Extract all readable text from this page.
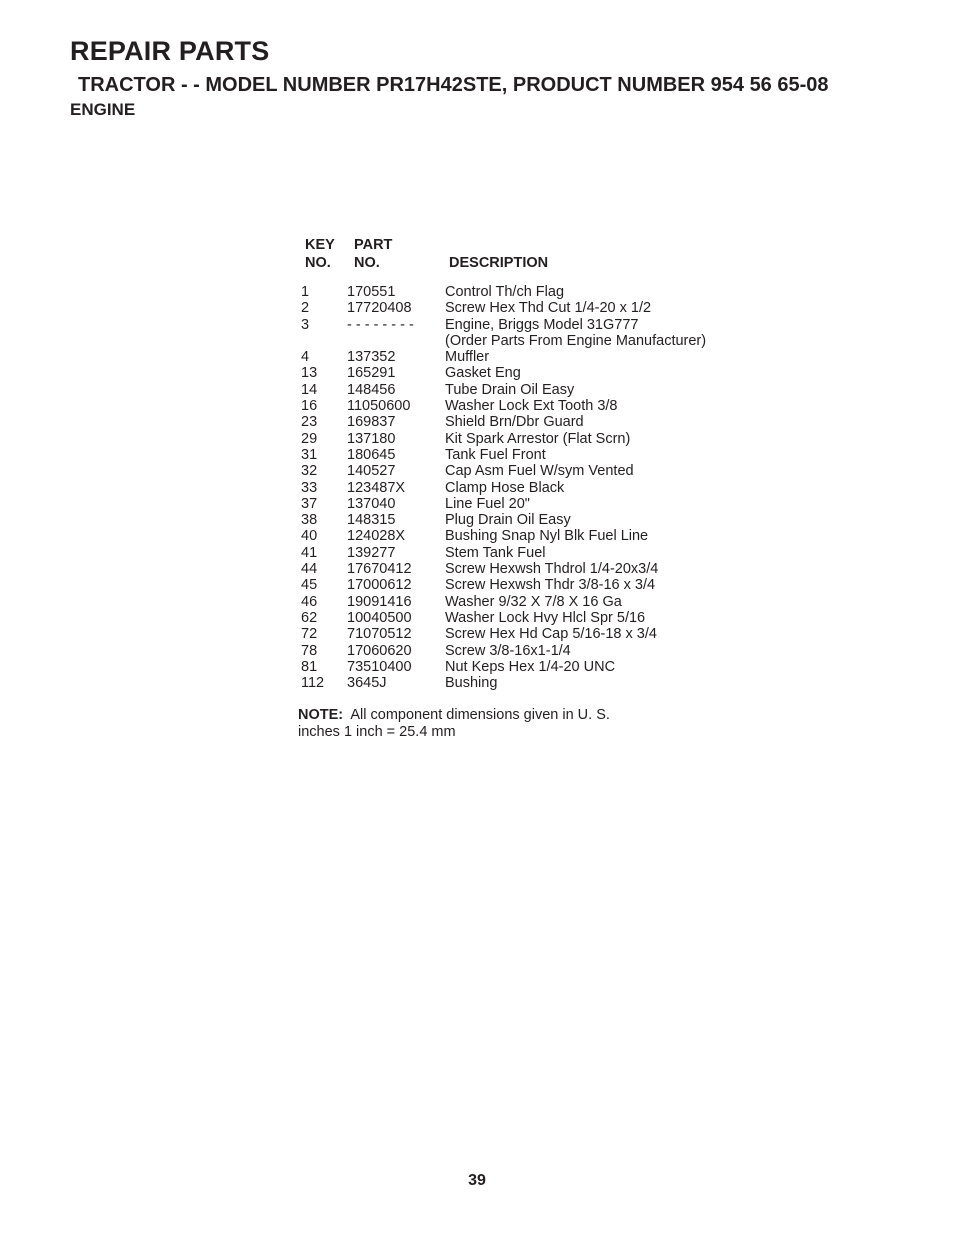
REPAIR PARTS
TRACTOR - - MODEL NUMBER PR17H42STE, PRODUCT NUMBER 954 56 65-08
ENGINE
KEY
NO.
PART
NO.	DESCRIPTION
1	170551	Control Th/ch Flag
2	17720408 Screw Hex Thd Cut 1/4-20 x 1/2
3	- - - - - - - - Engine, Briggs Model 31G777
(Order Parts From Engine Manufacturer)
4	137352	Muffler
13 165291	Gasket Eng
14 148456	Tube Drain Oil Easy
16 11050600 Washer Lock Ext Tooth 3/8
23 169837	Shield Brn/Dbr Guard
29 137180	Kit Spark Arrestor (Flat Scrn)
31 180645	Tank Fuel Front
32 140527	Cap Asm Fuel W/sym Vented
33 123487X	Clamp Hose Black
37 137040	Line Fuel 20"
38 148315	Plug Drain Oil Easy
40 124028X	Bushing Snap Nyl Blk Fuel Line
41 139277	Stem Tank Fuel
44 17670412 Screw Hexwsh Thdrol 1/4-20x3/4
45 17000612 Screw Hexwsh Thdr 3/8-16 x 3/4
46 19091416 Washer 9/32 X 7/8 X 16 Ga
62 10040500 Washer Lock Hvy Hlcl Spr 5/16
72 71070512 Screw Hex Hd Cap 5/16-18 x 3/4
78 17060620 Screw 3/8-16x1-1/4
81 73510400 Nut Keps Hex 1/4-20 UNC
112 3645J	Bushing
NOTE: All component dimensions given in U. S.
inches 1 inch = 25.4 mm
39
